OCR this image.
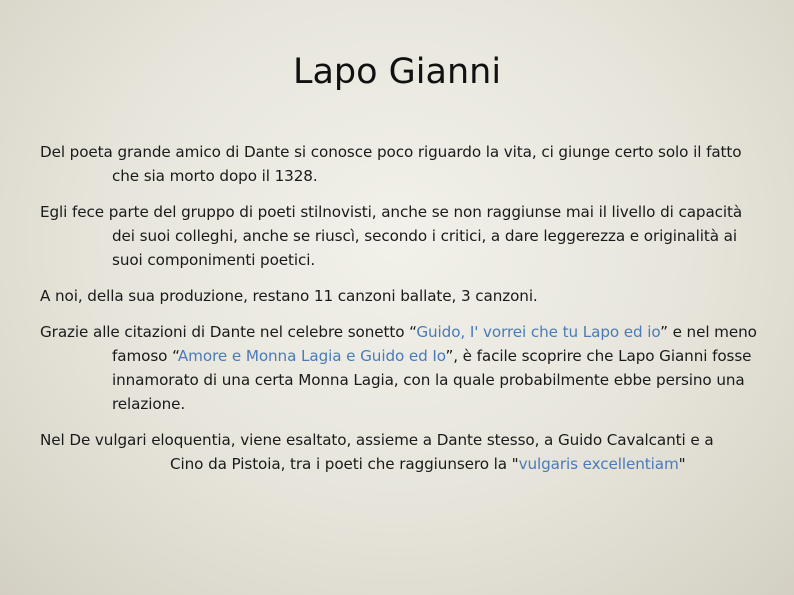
Lapo Gianni

Del poeta grande amico di Dante si conosce poco riguardo la vita, ci giunge certo solo il fatto che sia morto dopo il 1328.

Egli fece parte del gruppo di poeti stilnovisti, anche se non raggiunse mai il livello di capacità dei suoi colleghi, anche se riuscì, secondo i critici, a dare leggerezza e originalità ai suoi componimenti poetici.

A noi, della sua produzione, restano 11 canzoni ballate, 3 canzoni.

Grazie alle citazioni di Dante nel celebre sonetto “Guido, I' vorrei che tu Lapo ed io” e nel meno famoso “Amore e Monna Lagia e Guido ed Io”, è facile scoprire che Lapo Gianni fosse innamorato di una certa Monna Lagia, con la quale probabilmente ebbe persino una relazione.

Nel De vulgari eloquentia, viene esaltato, assieme a Dante stesso, a Guido Cavalcanti e aCino da Pistoia, tra i poeti che raggiunsero la "vulgaris excellentiam"
